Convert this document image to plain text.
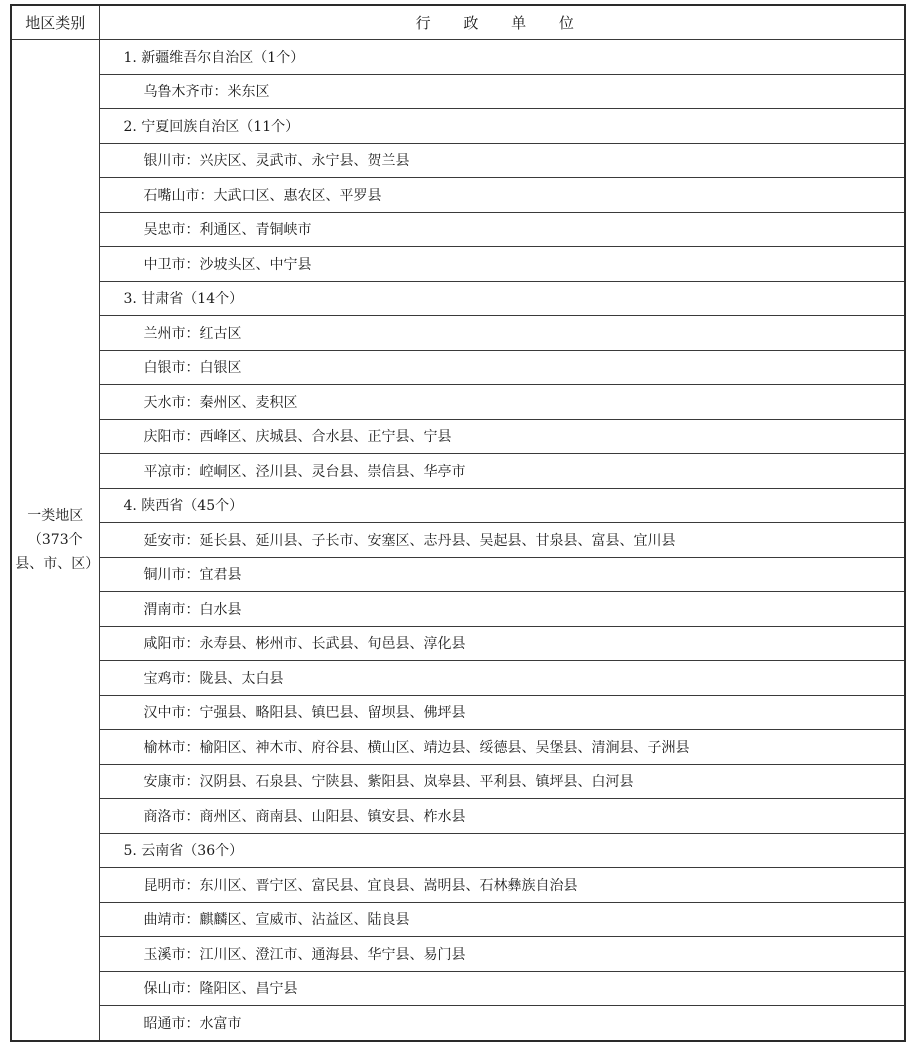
地区类别	行 政 单 位

一类地区
（373个县、市、区）	1. 新疆维吾尔自治区（1个）
	乌鲁木齐市：米东区
	2. 宁夏回族自治区（11个）
	银川市：兴庆区、灵武市、永宁县、贺兰县
	石嘴山市：大武口区、惠农区、平罗县
	吴忠市：利通区、青铜峡市
	中卫市：沙坡头区、中宁县
	3. 甘肃省（14个）
	兰州市：红古区
	白银市：白银区
	天水市：秦州区、麦积区
	庆阳市：西峰区、庆城县、合水县、正宁县、宁县
	平凉市：崆峒区、泾川县、灵台县、崇信县、华亭市
	4. 陕西省（45个）
	延安市：延长县、延川县、子长市、安塞区、志丹县、吴起县、甘泉县、富县、宜川县
	铜川市：宜君县
	渭南市：白水县
	咸阳市：永寿县、彬州市、长武县、旬邑县、淳化县
	宝鸡市：陇县、太白县
	汉中市：宁强县、略阳县、镇巴县、留坝县、佛坪县
	榆林市：榆阳区、神木市、府谷县、横山区、靖边县、绥德县、吴堡县、清涧县、子洲县
	安康市：汉阴县、石泉县、宁陕县、紫阳县、岚皋县、平利县、镇坪县、白河县
	商洛市：商州区、商南县、山阳县、镇安县、柞水县
	5. 云南省（36个）
	昆明市：东川区、晋宁区、富民县、宜良县、嵩明县、石林彝族自治县
	曲靖市：麒麟区、宣威市、沾益区、陆良县
	玉溪市：江川区、澄江市、通海县、华宁县、易门县
	保山市：隆阳区、昌宁县
	昭通市：水富市
